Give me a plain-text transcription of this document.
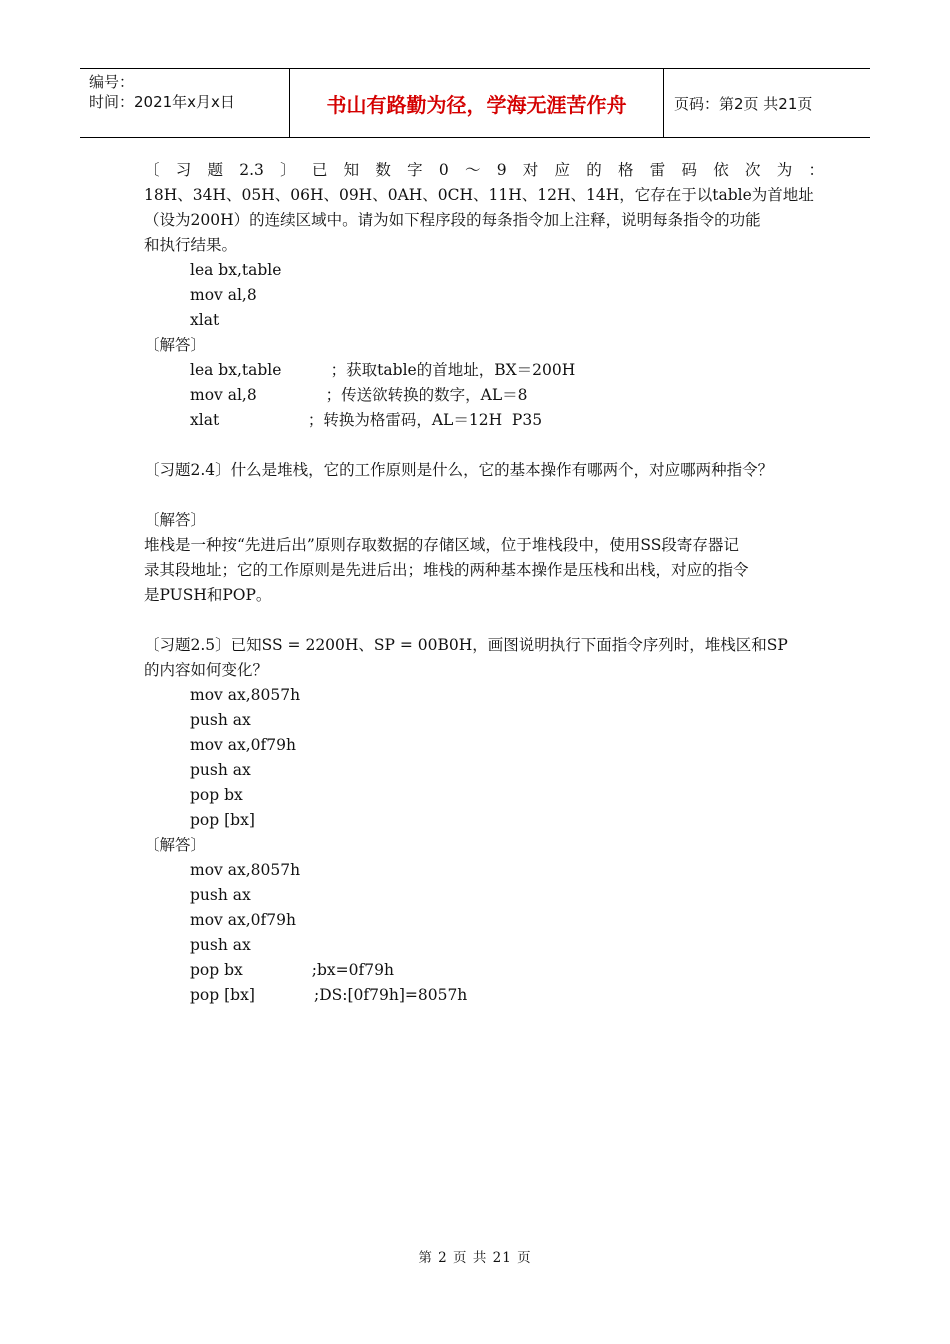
编号：
时间：2021年x月x日	书山有路勤为径，学海无涯苦作舟	页码：第2页 共21页
〔习题2.3〕已知数字0～9对应的格雷码依次为：
18H、34H、05H、06H、09H、0AH、0CH、11H、12H、14H，它存在于以table为首地址
（设为200H）的连续区域中。请为如下程序段的每条指令加上注释，说明每条指令的功能
和执行结果。
lea bx,table
mov al,8
xlat
〔解答〕
lea bx,table          ；获取table的首地址，BX＝200H
mov al,8              ；传送欲转换的数字，AL＝8
xlat                  ；转换为格雷码，AL＝12H  P35
〔习题2.4〕什么是堆栈，它的工作原则是什么，它的基本操作有哪两个，对应哪两种指令？
〔解答〕
堆栈是一种按“先进后出”原则存取数据的存储区域，位于堆栈段中，使用SS段寄存器记
录其段地址；它的工作原则是先进后出；堆栈的两种基本操作是压栈和出栈，对应的指令
是PUSH和POP。
〔习题2.5〕已知SS = 2200H、SP = 00B0H，画图说明执行下面指令序列时，堆栈区和SP
的内容如何变化？
mov ax,8057h
push ax
mov ax,0f79h
push ax
pop bx
pop [bx]
〔解答〕
mov ax,8057h
push ax
mov ax,0f79h
push ax
pop bx              ;bx=0f79h
pop [bx]            ;DS:[0f79h]=8057h
第 2 页 共 21 页
